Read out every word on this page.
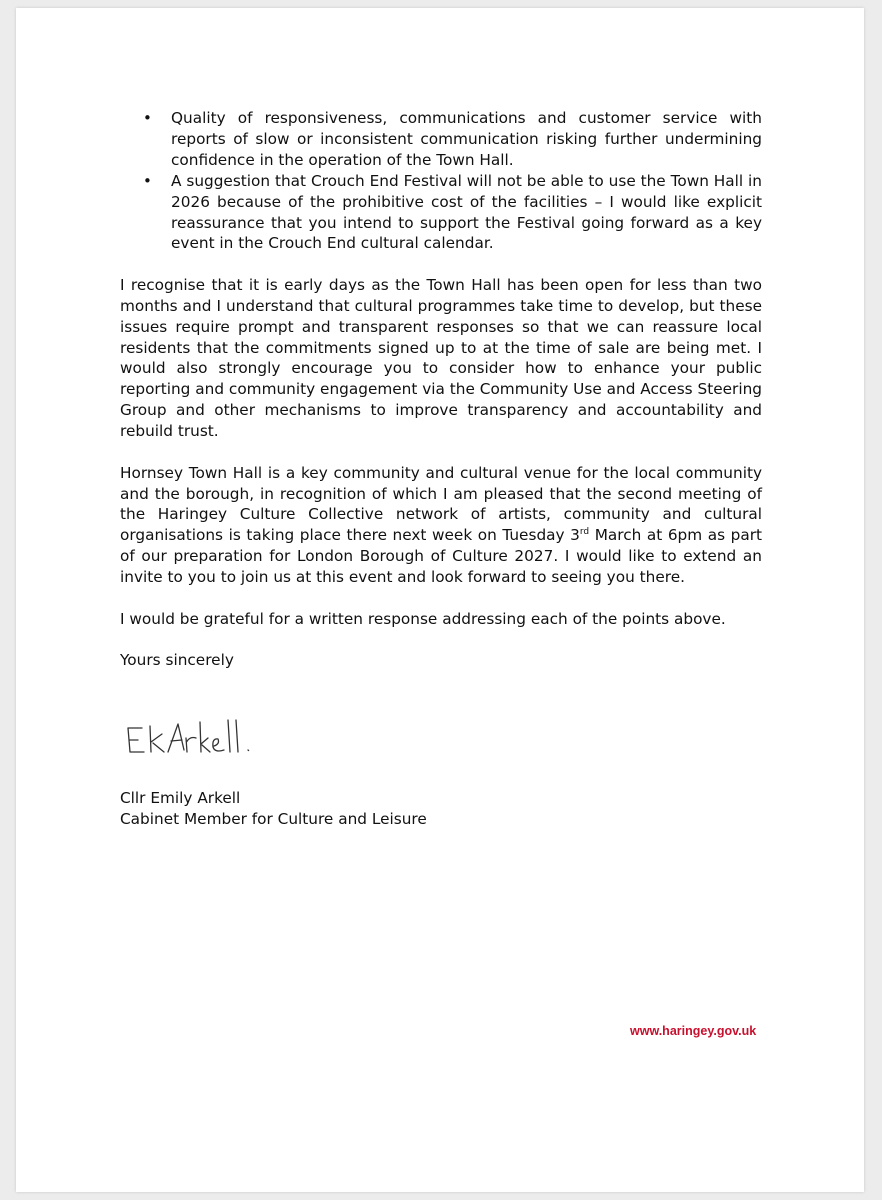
• Quality of responsiveness, communications and customer service with reports of slow or inconsistent communication risking further undermining confidence in the operation of the Town Hall.
• A suggestion that Crouch End Festival will not be able to use the Town Hall in 2026 because of the prohibitive cost of the facilities – I would like explicit reassurance that you intend to support the Festival going forward as a key event in the Crouch End cultural calendar.

I recognise that it is early days as the Town Hall has been open for less than two months and I understand that cultural programmes take time to develop, but these issues require prompt and transparent responses so that we can reassure local residents that the commitments signed up to at the time of sale are being met. I would also strongly encourage you to consider how to enhance your public reporting and community engagement via the Community Use and Access Steering Group and other mechanisms to improve transparency and accountability and rebuild trust.

Hornsey Town Hall is a key community and cultural venue for the local community and the borough, in recognition of which I am pleased that the second meeting of the Haringey Culture Collective network of artists, community and cultural organisations is taking place there next week on Tuesday 3rd March at 6pm as part of our preparation for London Borough of Culture 2027. I would like to extend an invite to you to join us at this event and look forward to seeing you there.

I would be grateful for a written response addressing each of the points above.

Yours sincerely

Cllr Emily Arkell
Cabinet Member for Culture and Leisure
www.haringey.gov.uk
